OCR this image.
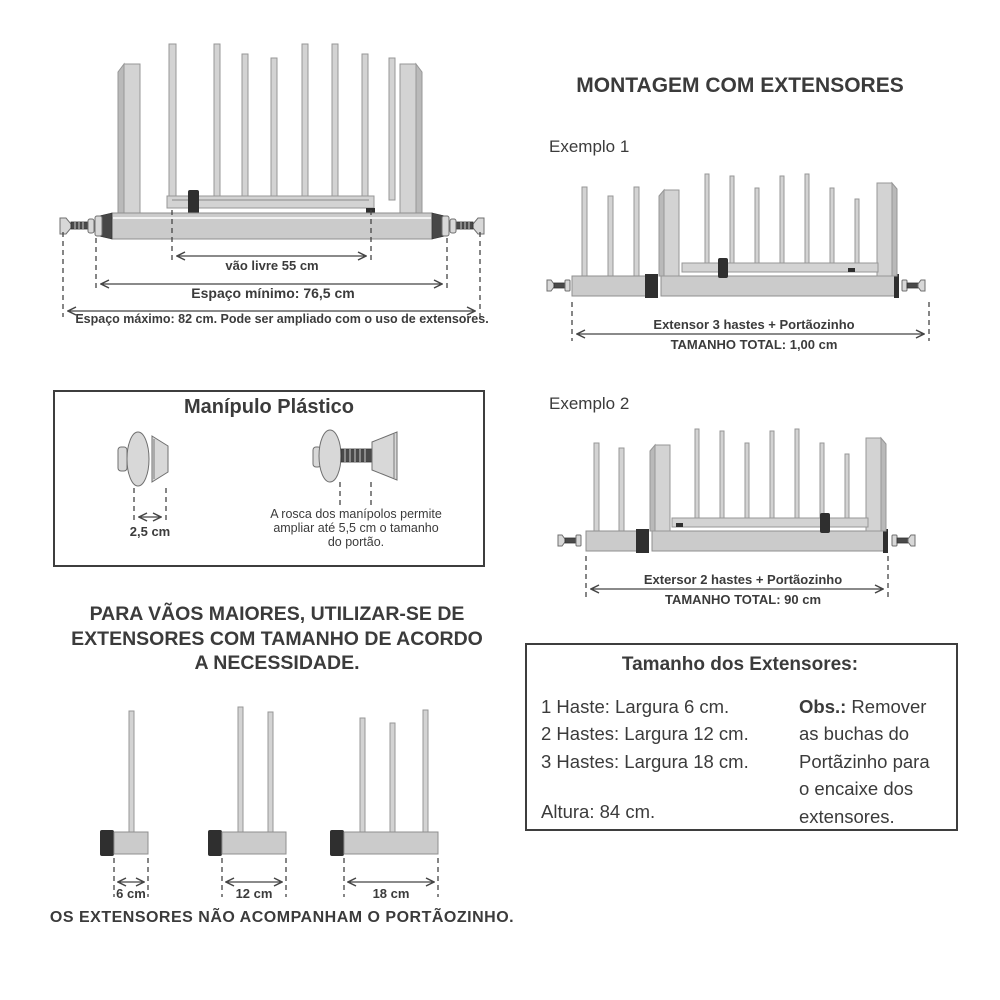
vão livre 55 cm
Espaço mínimo: 76,5 cm
Espaço máximo: 82 cm. Pode ser ampliado com o uso de extensores.
MONTAGEM COM EXTENSORES
Exemplo 1
Extensor 3 hastes + Portãozinho
TAMANHO TOTAL: 1,00 cm
Exemplo 2
Extersor 2 hastes + Portãozinho
TAMANHO TOTAL: 90 cm
Manípulo Plástico
2,5 cm
A rosca dos manípolos permite
ampliar até 5,5 cm o tamanho
do portão.
PARA VÃOS MAIORES, UTILIZAR-SE DE
EXTENSORES COM TAMANHO DE ACORDO
A NECESSIDADE.
6 cm	12 cm	18 cm
OS EXTENSORES NÃO ACOMPANHAM O PORTÃOZINHO.
Tamanho dos Extensores:
1 Haste: Largura 6 cm.
2 Hastes: Largura 12 cm.
3 Hastes: Largura 18 cm.
Altura: 84 cm.
Obs.: Remover
as buchas do
Portãzinho para
o encaixe dos
extensores.
